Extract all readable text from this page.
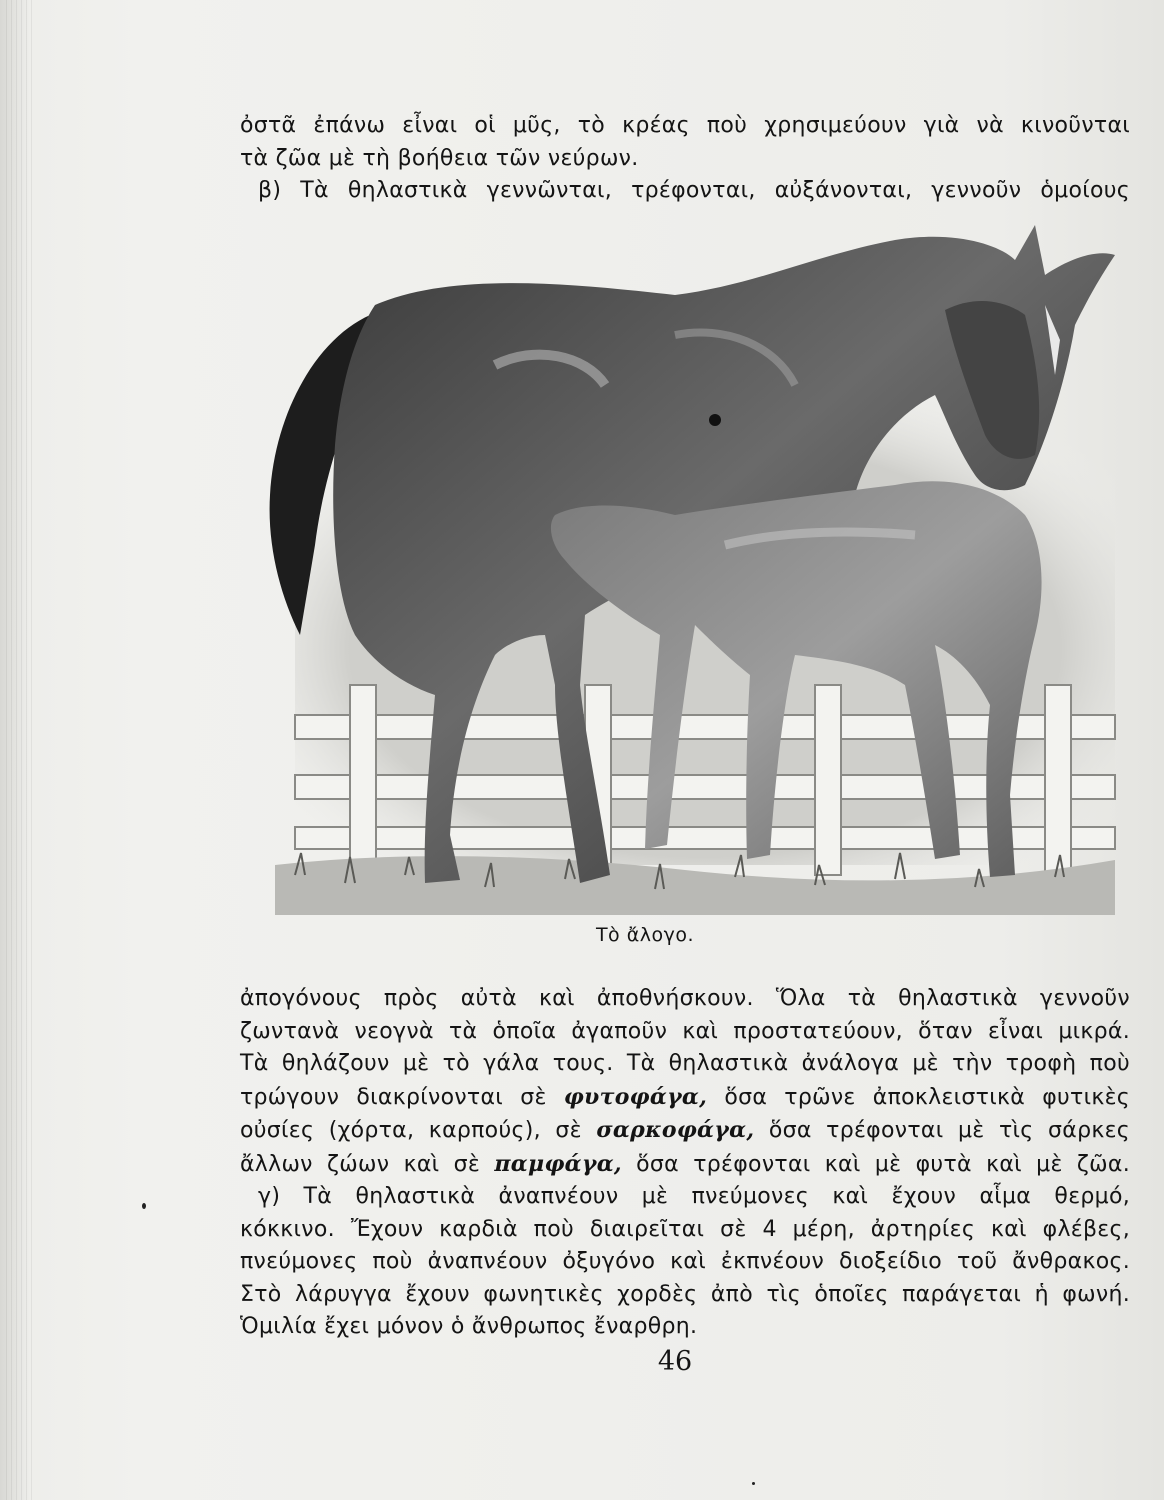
ὀστᾶ ἐπάνω εἶναι οἱ μῦς, τὸ κρέας ποὺ χρησιμεύουν γιὰ νὰ κινοῦνται

τὰ ζῶα μὲ τὴ βοήθεια τῶν νεύρων.

β) Τὰ θηλαστικὰ γεννῶνται, τρέφονται, αὐξάνονται, γεννοῦν ὁμοίους

Τὸ ἄλογο.

ἀπογόνους πρὸς αὐτὰ καὶ ἀποθνήσκουν. Ὅλα τὰ θηλαστικὰ γεννοῦν

ζωντανὰ νεογνὰ τὰ ὁποῖα ἀγαποῦν καὶ προστατεύουν, ὅταν εἶναι μικρά.

Τὰ θηλάζουν μὲ τὸ γάλα τους. Τὰ θηλαστικὰ ἀνάλογα μὲ τὴν τροφὴ ποὺ

τρώγουν διακρίνονται σὲ φυτοφάγα, ὅσα τρῶνε ἀποκλειστικὰ φυτικὲς

οὐσίες (χόρτα, καρπούς), σὲ σαρκοφάγα, ὅσα τρέφονται μὲ τὶς σάρκες

ἄλλων ζώων καὶ σὲ παμφάγα, ὅσα τρέφονται καὶ μὲ φυτὰ καὶ μὲ ζῶα.

γ) Τὰ θηλαστικὰ ἀναπνέουν μὲ πνεύμονες καὶ ἔχουν αἷμα θερμό,

κόκκινο. Ἔχουν καρδιὰ ποὺ διαιρεῖται σὲ 4 μέρη, ἀρτηρίες καὶ φλέβες,

πνεύμονες ποὺ ἀναπνέουν ὀξυγόνο καὶ ἐκπνέουν διοξείδιο τοῦ ἄνθρακος.

Στὸ λάρυγγα ἔχουν φωνητικὲς χορδὲς ἀπὸ τὶς ὁποῖες παράγεται ἡ φωνή.

Ὁμιλία ἔχει μόνον ὁ ἄνθρωπος ἔναρθρη.

46
